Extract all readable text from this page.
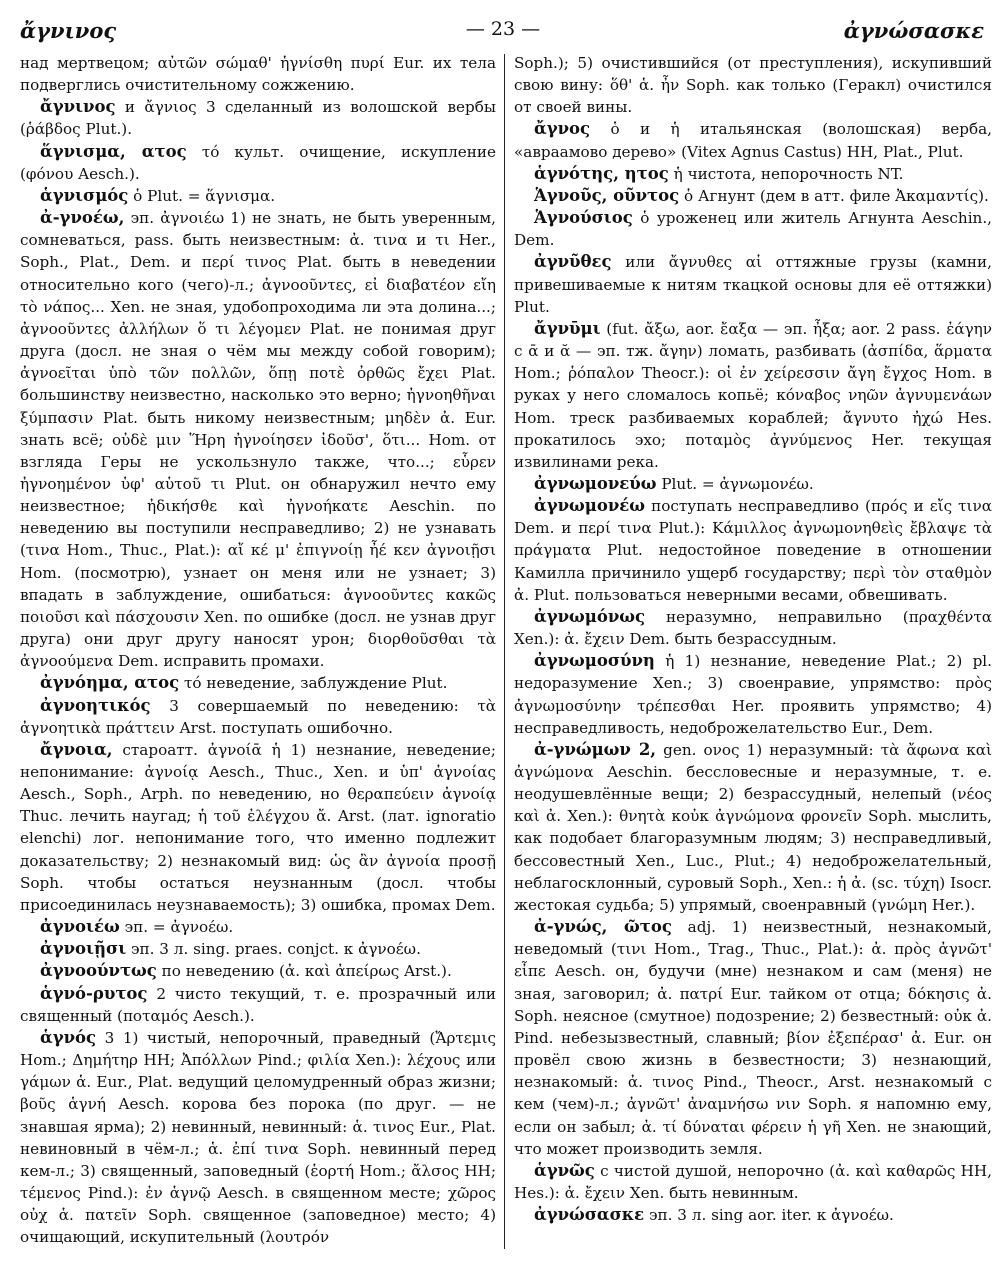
ἄγνινος	— 23 —	ἀγνώσασκε

над мертвецом; αὐτῶν σώμαθ' ἡγνίσθη πυρί Eur. их тела подверглись очистительному сожжению.

ἄγνινος и ἄγνιος 3 сделанный из волошской вербы (ῥάβδος Plut.).

ἅγνισμα, ατος τό культ. очищение, искупление (φόνου Aesch.).

ἁγνισμός ὁ Plut. = ἅγνισμα.

ἀ-γνοέω, эп. ἀγνοιέω 1) не знать, не быть уверенным, сомневаться, pass. быть неизвестным: ἀ. τινα и τι Her., Soph., Plat., Dem. и περί τινος Plat. быть в неведении относительно кого (чего)-л.; ἀγνοοῦντες, εἰ διαβατέον εἴη τὸ νάπος... Xen. не зная, удобопроходима ли эта долина...; ἀγνοοῦντες ἀλλήλων ὅ τι λέγομεν Plat. не понимая друг друга (досл. не зная о чём мы между собой говорим); ἀγνοεῖται ὑπὸ τῶν πολλῶν, ὅπῃ ποτὲ ὀρθῶς ἔχει Plat. большинству неизвестно, насколько это верно; ἠγνοηθῆναι ξύμπασιν Plat. быть никому неизвестным; μηδὲν ἀ. Eur. знать всё; οὐδὲ μιν Ἥρη ἠγνοίησεν ἰδοῦσ', ὅτι... Hom. от взгляда Геры не ускользнуло также, что...; εὗρεν ἠγνοημένον ὑφ' αὑτοῦ τι Plut. он обнаружил нечто ему неизвестное; ἠδικήσθε καὶ ἠγνοήκατε Aeschin. по неведению вы поступили несправедливо; 2) не узнавать (τινα Hom., Thuc., Plat.): αἴ κέ μ' ἐπιγνοίῃ ἦέ κεν ἀγνοιῇσι Hom. (посмотрю), узнает он меня или не узнает; 3) впадать в заблуждение, ошибаться: ἀγνοοῦντες κακῶς ποιοῦσι καὶ πάσχουσιν Xen. по ошибке (досл. не узнав друг друга) они друг другу наносят урон; διορθοῦσθαι τὰ ἀγνοούμενα Dem. исправить промахи.

ἀγνόημα, ατος τό неведение, заблуждение Plut.

ἀγνοητικός 3 совершаемый по неведению: τὰ ἀγνοητικὰ πράττειν Arst. поступать ошибочно.

ἄγνοια, староатт. ἀγνοίᾱ ἡ 1) незнание, неведение; непонимание: ἀγνοίᾳ Aesch., Thuc., Xen. и ὑπ' ἀγνοίας Aesch., Soph., Arph. по неведению, но θεραπεύειν ἀγνοίᾳ Thuc. лечить наугад; ἡ τοῦ ἐλέγχου ἄ. Arst. (лат. ignoratio elenchi) лог. непонимание того, что именно подлежит доказательству; 2) незнакомый вид: ὡς ἂν ἀγνοία προσῇ Soph. чтобы остаться неузнанным (досл. чтобы присоединилась неузнаваемость); 3) ошибка, промах Dem.

ἀγνοιέω эп. = ἀγνοέω.

ἀγνοιῇσι эп. 3 л. sing. praes. conjct. к ἀγνοέω.

ἀγνοούντως по неведению (ἀ. καὶ ἀπείρως Arst.).

ἁγνό-ρυτος 2 чисто текущий, т. е. прозрачный или священный (ποταμός Aesch.).

ἁγνός 3 1) чистый, непорочный, праведный (Ἄρτεμις Hom.; Δημήτηρ HH; Ἀπόλλων Pind.; φιλία Xen.): λέχους или γάμων ἁ. Eur., Plat. ведущий целомудренный образ жизни; βοῦς ἁγνή Aesch. корова без порока (по друг. — не знавшая ярма); 2) невинный, невинный: ἁ. τινος Eur., Plat. невиновный в чём-л.; ἁ. ἐπί τινα Soph. невинный перед кем-л.; 3) священный, заповедный (ἑορτή Hom.; ἄλσος HH; τέμενος Pind.): ἐν ἁγνῷ Aesch. в священном месте; χῶρος οὐχ ἁ. πατεῖν Soph. священное (заповедное) место; 4) очищающий, искупительный (λουτρόν

Soph.); 5) очистившийся (от преступления), искупивший свою вину: ὅθ' ἁ. ἦν Soph. как только (Геракл) очистился от своей вины.

ἄγνος ὁ и ἡ итальянская (волошская) верба, «авраамово дерево» (Vitex Agnus Castus) HH, Plat., Plut.

ἁγνότης, ητος ἡ чистота, непорочность NT.

Ἁγνοῦς, οῦντος ὁ Агнунт (дем в атт. филе Ἀκαμαντίς).

Ἁγνούσιος ὁ уроженец или житель Агнунта Aeschin., Dem.

ἀγνῦθες или ἄγνυθες αἱ оттяжные грузы (камни, привешиваемые к нитям ткацкой основы для её оттяжки) Plut.

ἄγνῡμι (fut. ἄξω, aor. ἔαξα — эп. ἦξα; aor. 2 pass. ἐάγην с ᾱ и ᾰ — эп. тж. ἄγην) ломать, разбивать (ἀσπίδα, ἅρματα Hom.; ῥόπαλον Theocr.): οἱ ἐν χείρεσσιν ἄγη ἔγχος Hom. в руках у него сломалось копьё; κόναβος νηῶν ἀγνυμενάων Hom. треск разбиваемых кораблей; ἄγνυτο ἠχώ Hes. прокатилось эхо; ποταμὸς ἀγνύμενος Her. текущая извилинами река.

ἀγνωμονεύω Plut. = ἀγνωμονέω.

ἀγνωμονέω поступать несправедливо (πρός и εἴς τινα Dem. и περί τινα Plut.): Κάμιλλος ἀγνωμονηθεὶς ἔβλαψε τὰ πράγματα Plut. недостойное поведение в отношении Камилла причинило ущерб государству; περὶ τὸν σταθμὸν ἀ. Plut. пользоваться неверными весами, обвешивать.

ἀγνωμόνως неразумно, неправильно (πραχθέντα Xen.): ἀ. ἔχειν Dem. быть безрассудным.

ἀγνωμοσύνη ἡ 1) незнание, неведение Plat.; 2) pl. недоразумение Xen.; 3) своенравие, упрямство: πρὸς ἀγνωμοσύνην τρέπεσθαι Her. проявить упрямство; 4) несправедливость, недоброжелательство Eur., Dem.

ἀ-γνώμων 2, gen. ονος 1) неразумный: τὰ ἄφωνα καὶ ἀγνώμονα Aeschin. бессловесные и неразумные, т. е. неодушевлённые вещи; 2) безрассудный, нелепый (νέος καὶ ἀ. Xen.): θνητὰ κοὐκ ἀγνώμονα φρονεῖν Soph. мыслить, как подобает благоразумным людям; 3) несправедливый, бессовестный Xen., Luc., Plut.; 4) недоброжелательный, неблагосклонный, суровый Soph., Xen.: ἡ ἀ. (sc. τύχη) Isocr. жестокая судьба; 5) упрямый, своенравный (γνώμη Her.).

ἀ-γνώς, ῶτος adj. 1) неизвестный, незнакомый, неведомый (τινι Hom., Trag., Thuc., Plat.): ἀ. πρὸς ἀγνῶτ' εἶπε Aesch. он, будучи (мне) незнаком и сам (меня) не зная, заговорил; ἀ. πατρί Eur. тайком от отца; δόκησις ἀ. Soph. неясное (смутное) подозрение; 2) безвестный: οὐκ ἀ. Pind. небезызвестный, славный; βίον ἐξεπέρασ' ἀ. Eur. он провёл свою жизнь в безвестности; 3) незнающий, незнакомый: ἀ. τινος Pind., Theocr., Arst. незнакомый с кем (чем)-л.; ἀγνῶτ' ἀναμνήσω νιν Soph. я напомню ему, если он забыл; ἀ. τί δύναται φέρειν ἡ γῆ Xen. не знающий, что может производить земля.

ἁγνῶς с чистой душой, непорочно (ἀ. καὶ καθαρῶς HH, Hes.): ἀ. ἔχειν Xen. быть невинным.

ἀγνώσασκε эп. 3 л. sing aor. iter. к ἀγνοέω.
